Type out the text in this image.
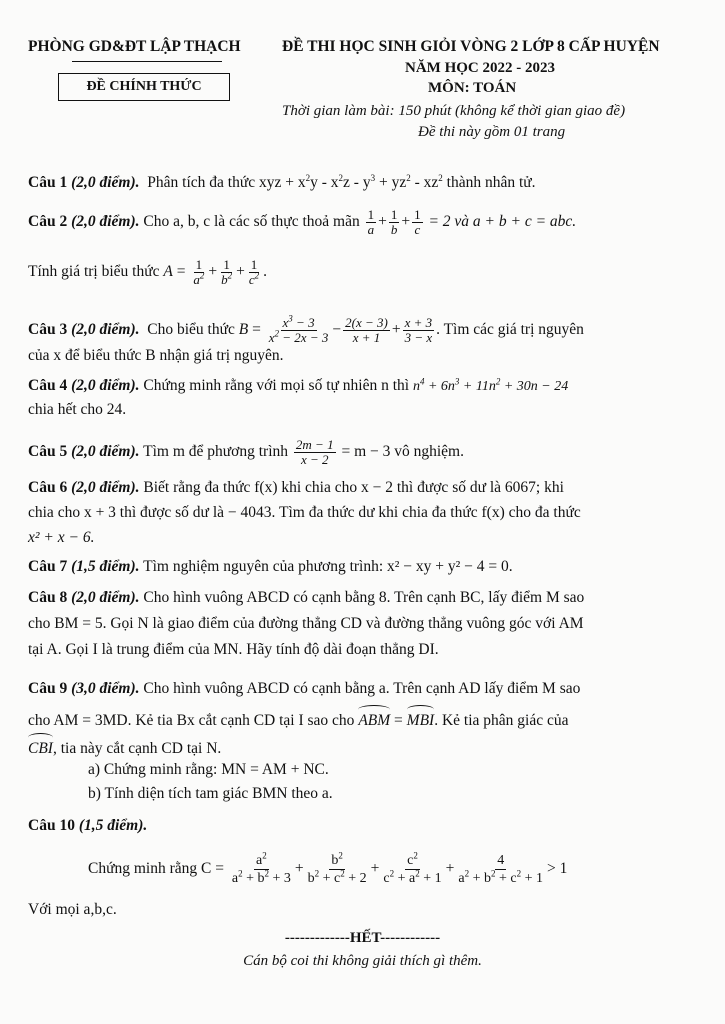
PHÒNG GD&ĐT LẬP THẠCH
ĐỀ CHÍNH THỨC
ĐỀ THI HỌC SINH GIỎI VÒNG 2 LỚP 8 CẤP HUYỆN
NĂM HỌC 2022 - 2023
MÔN: TOÁN
Thời gian làm bài: 150 phút (không kể thời gian giao đề)
Đề thi này gồm 01 trang
Câu 1 (2,0 điểm). Phân tích đa thức xyz + $x^2y - x^2z - y^3 + yz^2 - xz^2$ thành nhân tử.
Câu 2 (2,0 điểm). Cho a, b, c là các số thực thoả mãn $\frac{1}{a} + \frac{1}{b} + \frac{1}{c} = 2$ và a + b + c = abc.
Tính giá trị biểu thức $A = \frac{1}{a^2} + \frac{1}{b^2} + \frac{1}{c^2}$ .
Câu 3 (2,0 điểm). Cho biểu thức $B = \frac{x^3 - 3}{x^2 - 2x - 3} - \frac{2(x - 3)}{x + 1} + \frac{x + 3}{3 - x}$ . Tìm các giá trị nguyên
của x để biểu thức B nhận giá trị nguyên.
Câu 4 (2,0 điểm). Chứng minh rằng với mọi số tự nhiên n thì $n^4 + 6n^3 + 11n^2 + 30n - 24$
chia hết cho 24.
Câu 5 (2,0 điểm). Tìm m để phương trình $\frac{2m - 1}{x - 2} = m - 3$ vô nghiệm.
Câu 6 (2,0 điểm). Biết rằng đa thức f(x) khi chia cho x − 2 thì được số dư là 6067; khi
chia cho x + 3 thì được số dư là − 4043. Tìm đa thức dư khi chia đa thức f(x) cho đa thức
x² + x − 6.
Câu 7 (1,5 điểm). Tìm nghiệm nguyên của phương trình: x² − xy + y² − 4 = 0.
Câu 8 (2,0 điểm). Cho hình vuông ABCD có cạnh bằng 8. Trên cạnh BC, lấy điểm M sao
cho BM = 5. Gọi N là giao điểm của đường thẳng CD và đường thẳng vuông góc với AM
tại A. Gọi I là trung điểm của MN. Hãy tính độ dài đoạn thẳng DI.
Câu 9 (3,0 điểm). Cho hình vuông ABCD có cạnh bằng a. Trên cạnh AD lấy điểm M sao
cho AM = 3MD. Kẻ tia Bx cắt cạnh CD tại I sao cho ABM = MBI. Kẻ tia phân giác của
CBI, tia này cắt cạnh CD tại N.
a) Chứng minh rằng: MN = AM + NC.
b) Tính diện tích tam giác BMN theo a.
Câu 10 (1,5 điểm).
Chứng minh rằng $C = \frac{a^2}{a^2 + b^2 + 3} + \frac{b^2}{b^2 + c^2 + 2} + \frac{c^2}{c^2 + a^2 + 1} + \frac{4}{a^2 + b^2 + c^2 + 1} > 1$
Với mọi a,b,c.
-------------HẾT------------
Cán bộ coi thi không giải thích gì thêm.
